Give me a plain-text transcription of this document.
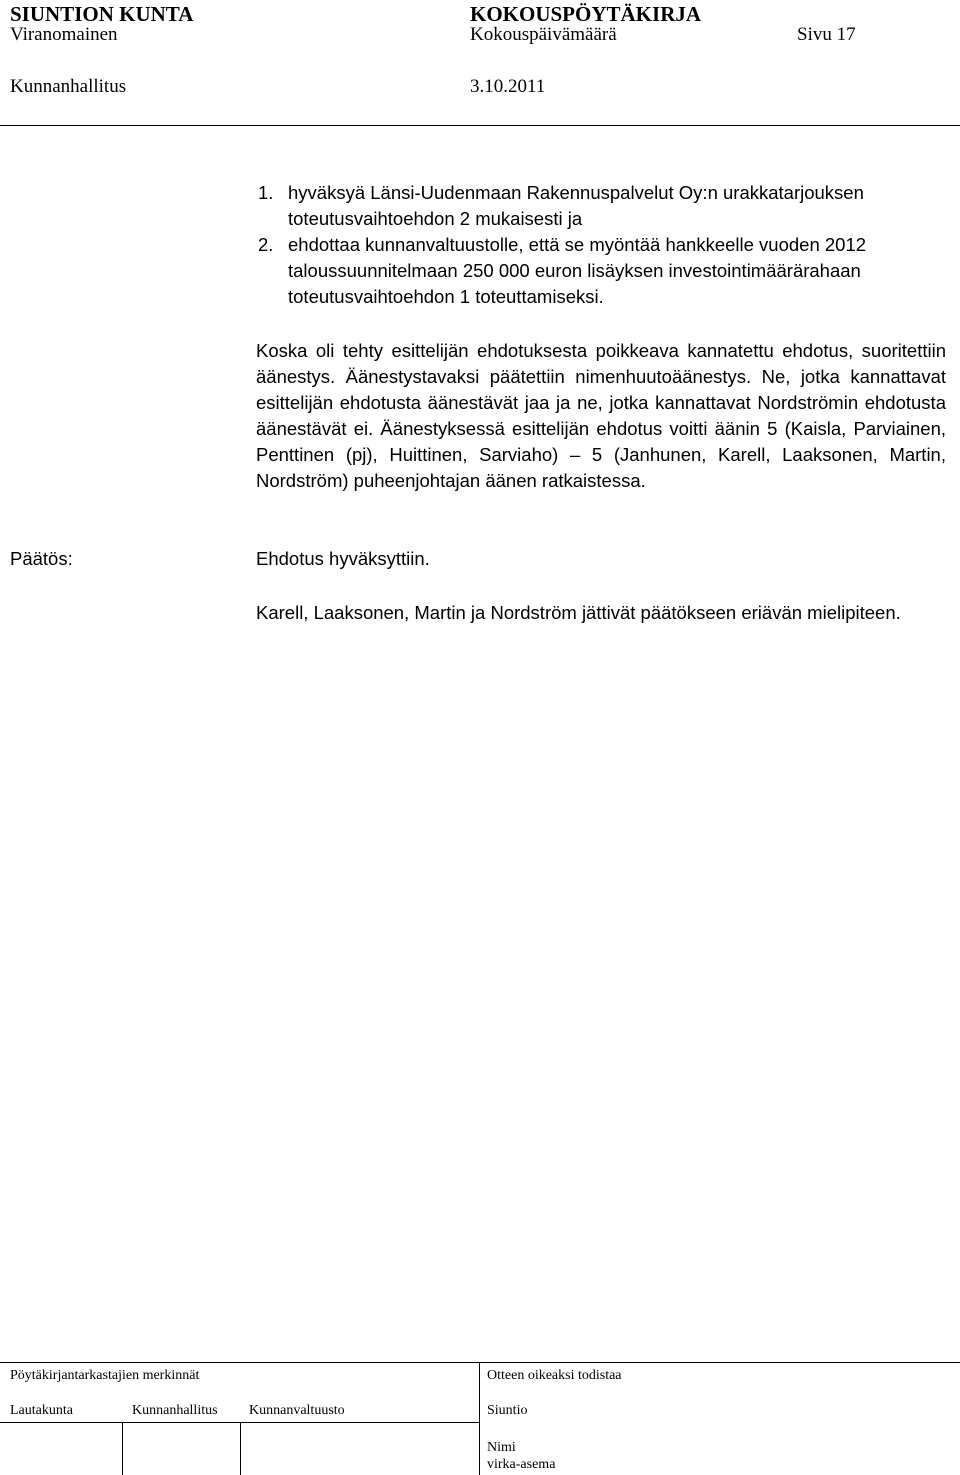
SIUNTION KUNTA	KOKOUSPÖYTÄKIRJA
Viranomainen	Kokouspäivämäärä	Sivu 17
Kunnanhallitus	3.10.2011
1. hyväksyä Länsi-Uudenmaan Rakennuspalvelut Oy:n urakkatarjouksen toteutusvaihtoehdon 2 mukaisesti ja
2. ehdottaa kunnanvaltuustolle, että se myöntää hankkeelle vuoden 2012 taloussuunnitelmaan 250 000 euron lisäyksen investointimäärärahaan toteutusvaihtoehdon 1 toteuttamiseksi.
Koska oli tehty esittelijän ehdotuksesta poikkeava kannatettu ehdotus, suoritettiin äänestys. Äänestystavaksi päätettiin nimenhuutoäänestys. Ne, jotka kannattavat esittelijän ehdotusta äänestävät jaa ja ne, jotka kannattavat Nordströmin ehdotusta äänestävät ei. Äänestyksessä esittelijän ehdotus voitti äänin 5 (Kaisla, Parviainen, Penttinen (pj), Huittinen, Sarviaho) – 5 (Janhunen, Karell, Laaksonen, Martin, Nordström) puheenjohtajan äänen ratkaistessa.
Päätös:	Ehdotus hyväksyttiin.
Karell, Laaksonen, Martin ja Nordström jättivät päätökseen eriävän mielipiteen.
Pöytäkirjantarkastajien merkinnät	Otteen oikeaksi todistaa
Lautakunta	Kunnanhallitus Kunnanvaltuusto	Siuntio
Nimi
virka-asema
